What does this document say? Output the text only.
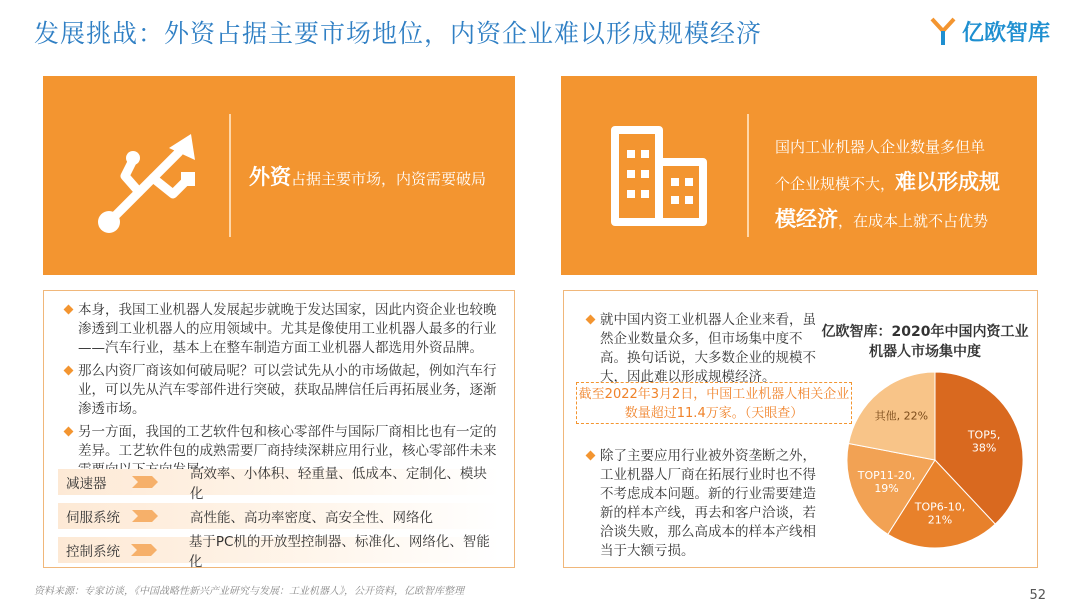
发展挑战：外资占据主要市场地位，内资企业难以形成规模经济	亿欧智库
外资占据主要市场，内资需要破局
国内工业机器人企业数量多但单
个企业规模不大，难以形成规
模经济，在成本上就不占优势
本身，我国工业机器人发展起步就晚于发达国家，因此内资企业也较晚渗透到工业机器人的应用领域中。尤其是像使用工业机器人最多的行业——汽车行业，基本上在整车制造方面工业机器人都选用外资品牌。
那么内资厂商该如何破局呢？可以尝试先从小的市场做起，例如汽车行业，可以先从汽车零部件进行突破，获取品牌信任后再拓展业务，逐渐渗透市场。
另一方面，我国的工艺软件包和核心零部件与国际厂商相比也有一定的差异。工艺软件包的成熟需要厂商持续深耕应用行业，核心零部件未来
减速器
高效率、小体积、轻重量、低成本、定制化、模块化
伺服系统	高性能、高功率密度、高安全性、网络化
控制系统
基于PC机的开放型控制器、标准化、网络化、智能化
就中国内资工业机器人企业来看，虽然企业数量众多，但市场集中度不高。换句话说，大多数企业的规模不大，因此难以形成规模经济。
除了主要应用行业被外资垄断之外，工业机器人厂商在拓展行业时也不得不考虑成本问题。新的行业需要建造新的样本产线，再去和客户洽谈，若洽谈失败，那么高成本的样本产线相当于大额亏损。
截至2022年3月2日，中国工业机器人相关企业数量超过11.4万家。（天眼查）
亿欧智库：2020年中国内资工业机器人市场集中度
TOP5, 38%
TOP6-10, 21%
TOP11-20, 19%
其他, 22%
资料来源：专家访谈，《中国战略性新兴产业研究与发展：工业机器人》，公开资料，亿欧智库整理	52
